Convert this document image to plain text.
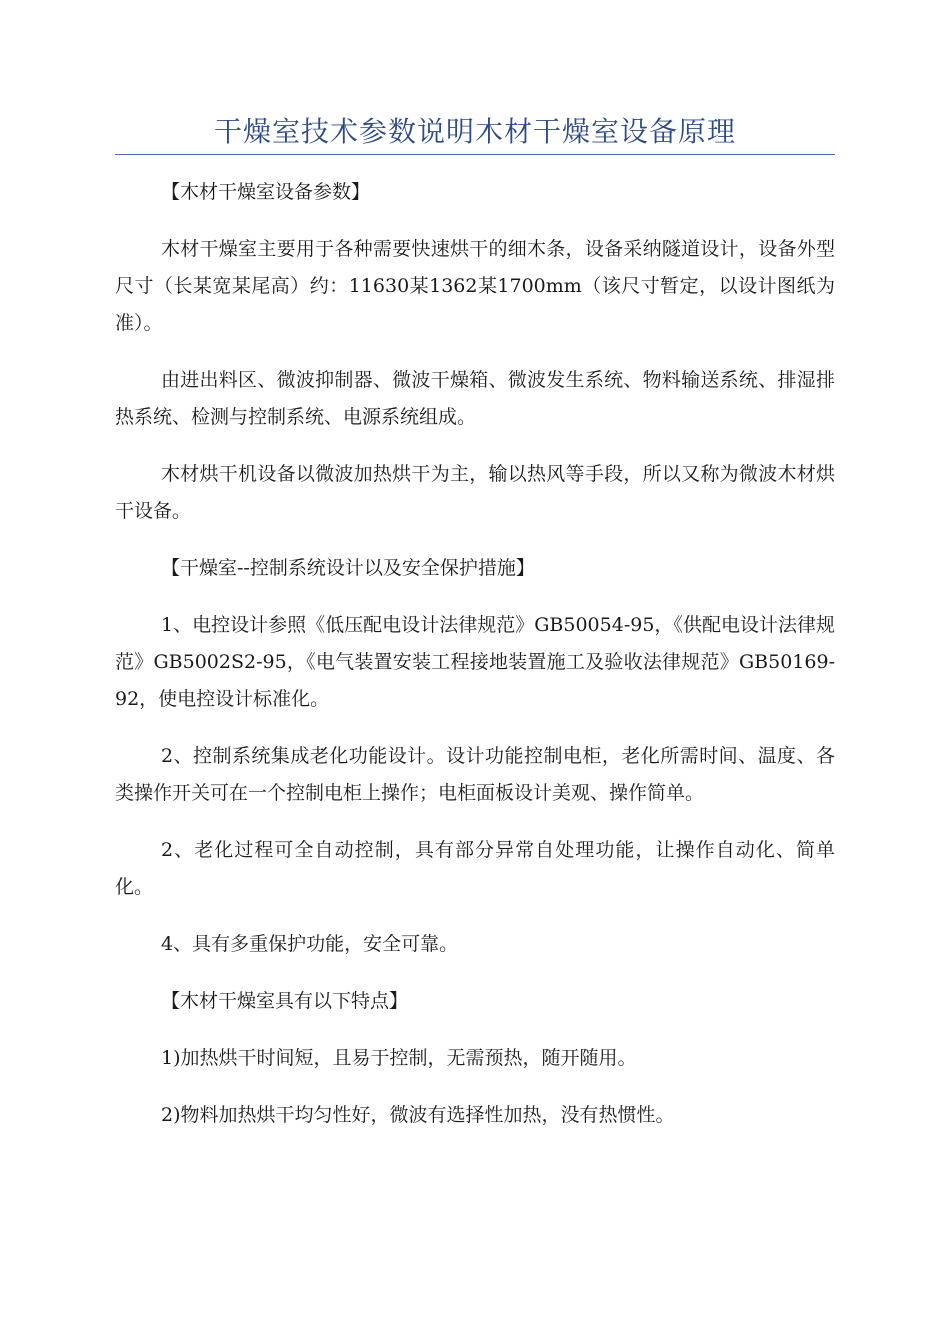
干燥室技术参数说明木材干燥室设备原理

【木材干燥室设备参数】

木材干燥室主要用于各种需要快速烘干的细木条，设备采纳隧道设计，设备外型尺寸（长某宽某尾高）约：11630某1362某1700mm（该尺寸暂定，以设计图纸为准）。

由进出料区、微波抑制器、微波干燥箱、微波发生系统、物料输送系统、排湿排热系统、检测与控制系统、电源系统组成。

木材烘干机设备以微波加热烘干为主，输以热风等手段，所以又称为微波木材烘干设备。

【干燥室--控制系统设计以及安全保护措施】

1、电控设计参照《低压配电设计法律规范》GB50054-95，《供配电设计法律规范》GB5002S2-95，《电气装置安装工程接地装置施工及验收法律规范》GB50169-92，使电控设计标准化。

2、控制系统集成老化功能设计。设计功能控制电柜，老化所需时间、温度、各类操作开关可在一个控制电柜上操作；电柜面板设计美观、操作简单。

2、老化过程可全自动控制，具有部分异常自处理功能，让操作自动化、简单化。

4、具有多重保护功能，安全可靠。

【木材干燥室具有以下特点】

1)加热烘干时间短，且易于控制，无需预热，随开随用。

2)物料加热烘干均匀性好，微波有选择性加热，没有热惯性。
